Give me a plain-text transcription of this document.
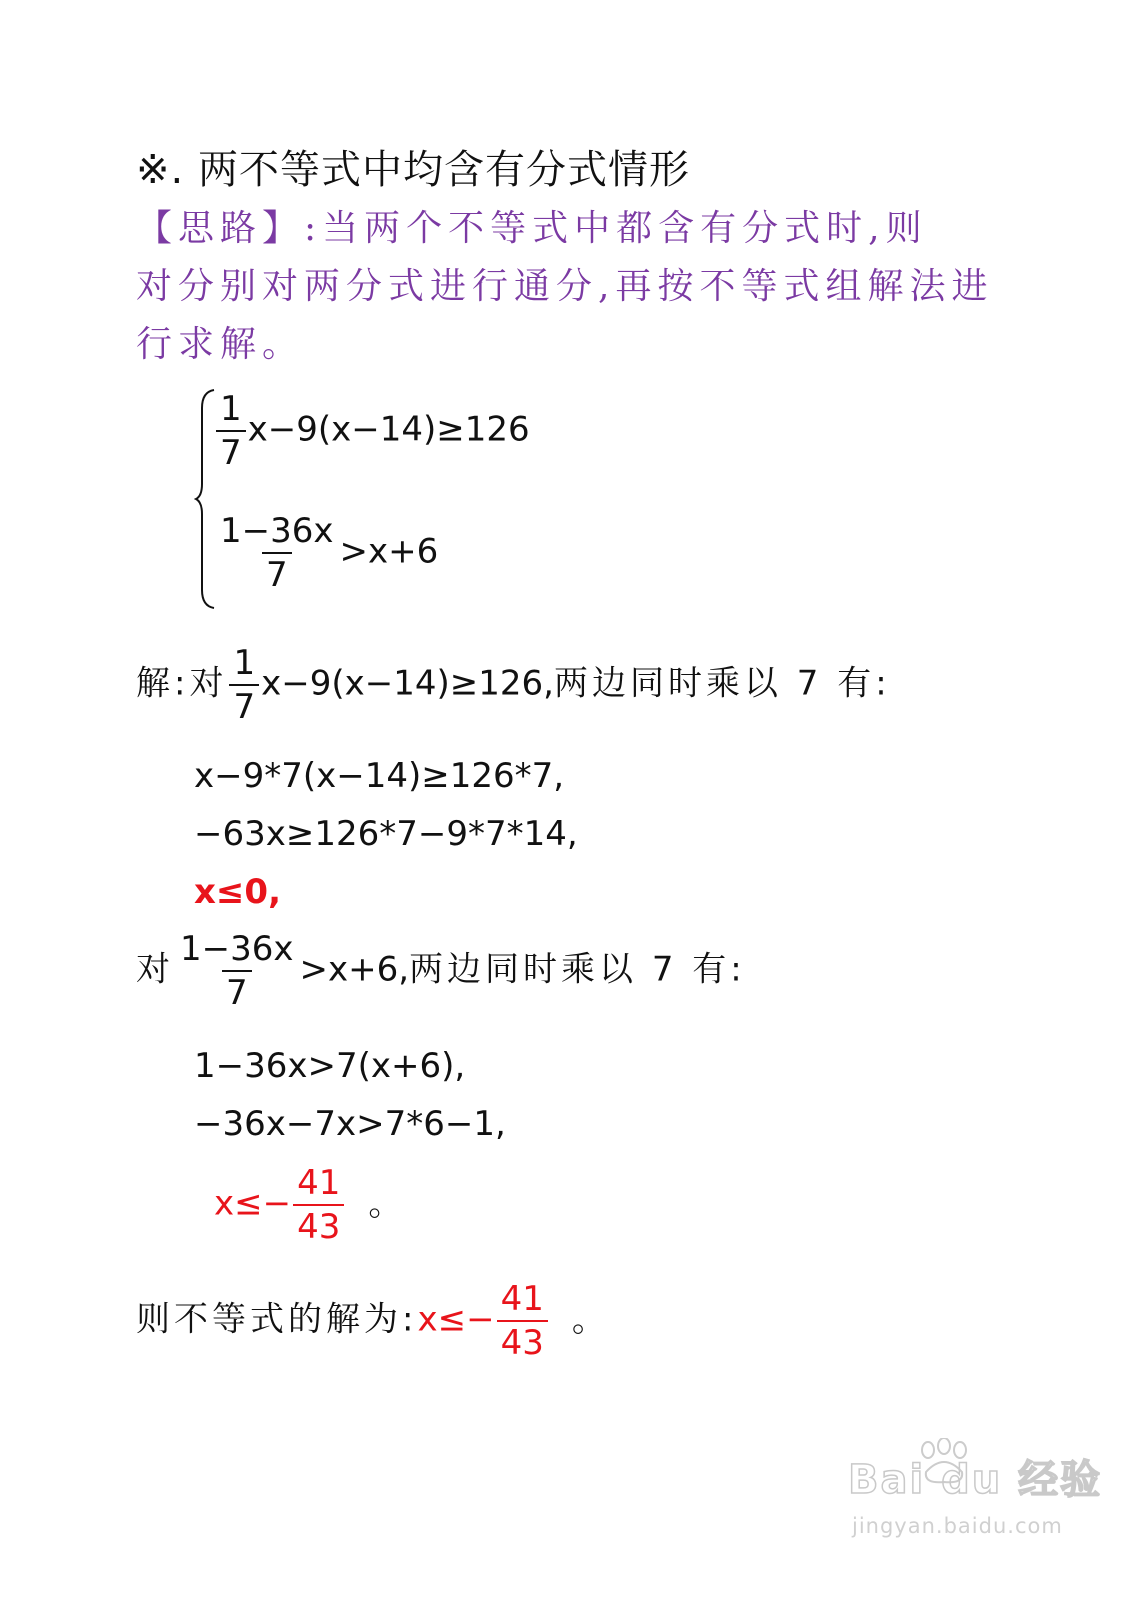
※. 两不等式中均含有分式情形
【思路】:当两个不等式中都含有分式时,则
对分别对两分式进行通分,再按不等式组解法进
行求解。
$\frac{1}{7} x-9(x-14)\ge 126$
$\frac{1-36x}{7} >x+6$
解:对 $\frac{1}{7} x-9(x-14)\ge 126$,两边同时乘以 7 有:
x−9*7(x−14)≥126*7,
−63x≥126*7−9*7*14,
x≤0,
对 $\frac{1-36x}{7} >x+6$,两边同时乘以 7 有:
1−36x>7(x+6),
−36x−7x>7*6−1,
$x\le- \frac{41}{43}$ 。
则不等式的解为:x≤− $\frac{41}{43}$ 。
Bai du 经验
jingyan.baidu.com
